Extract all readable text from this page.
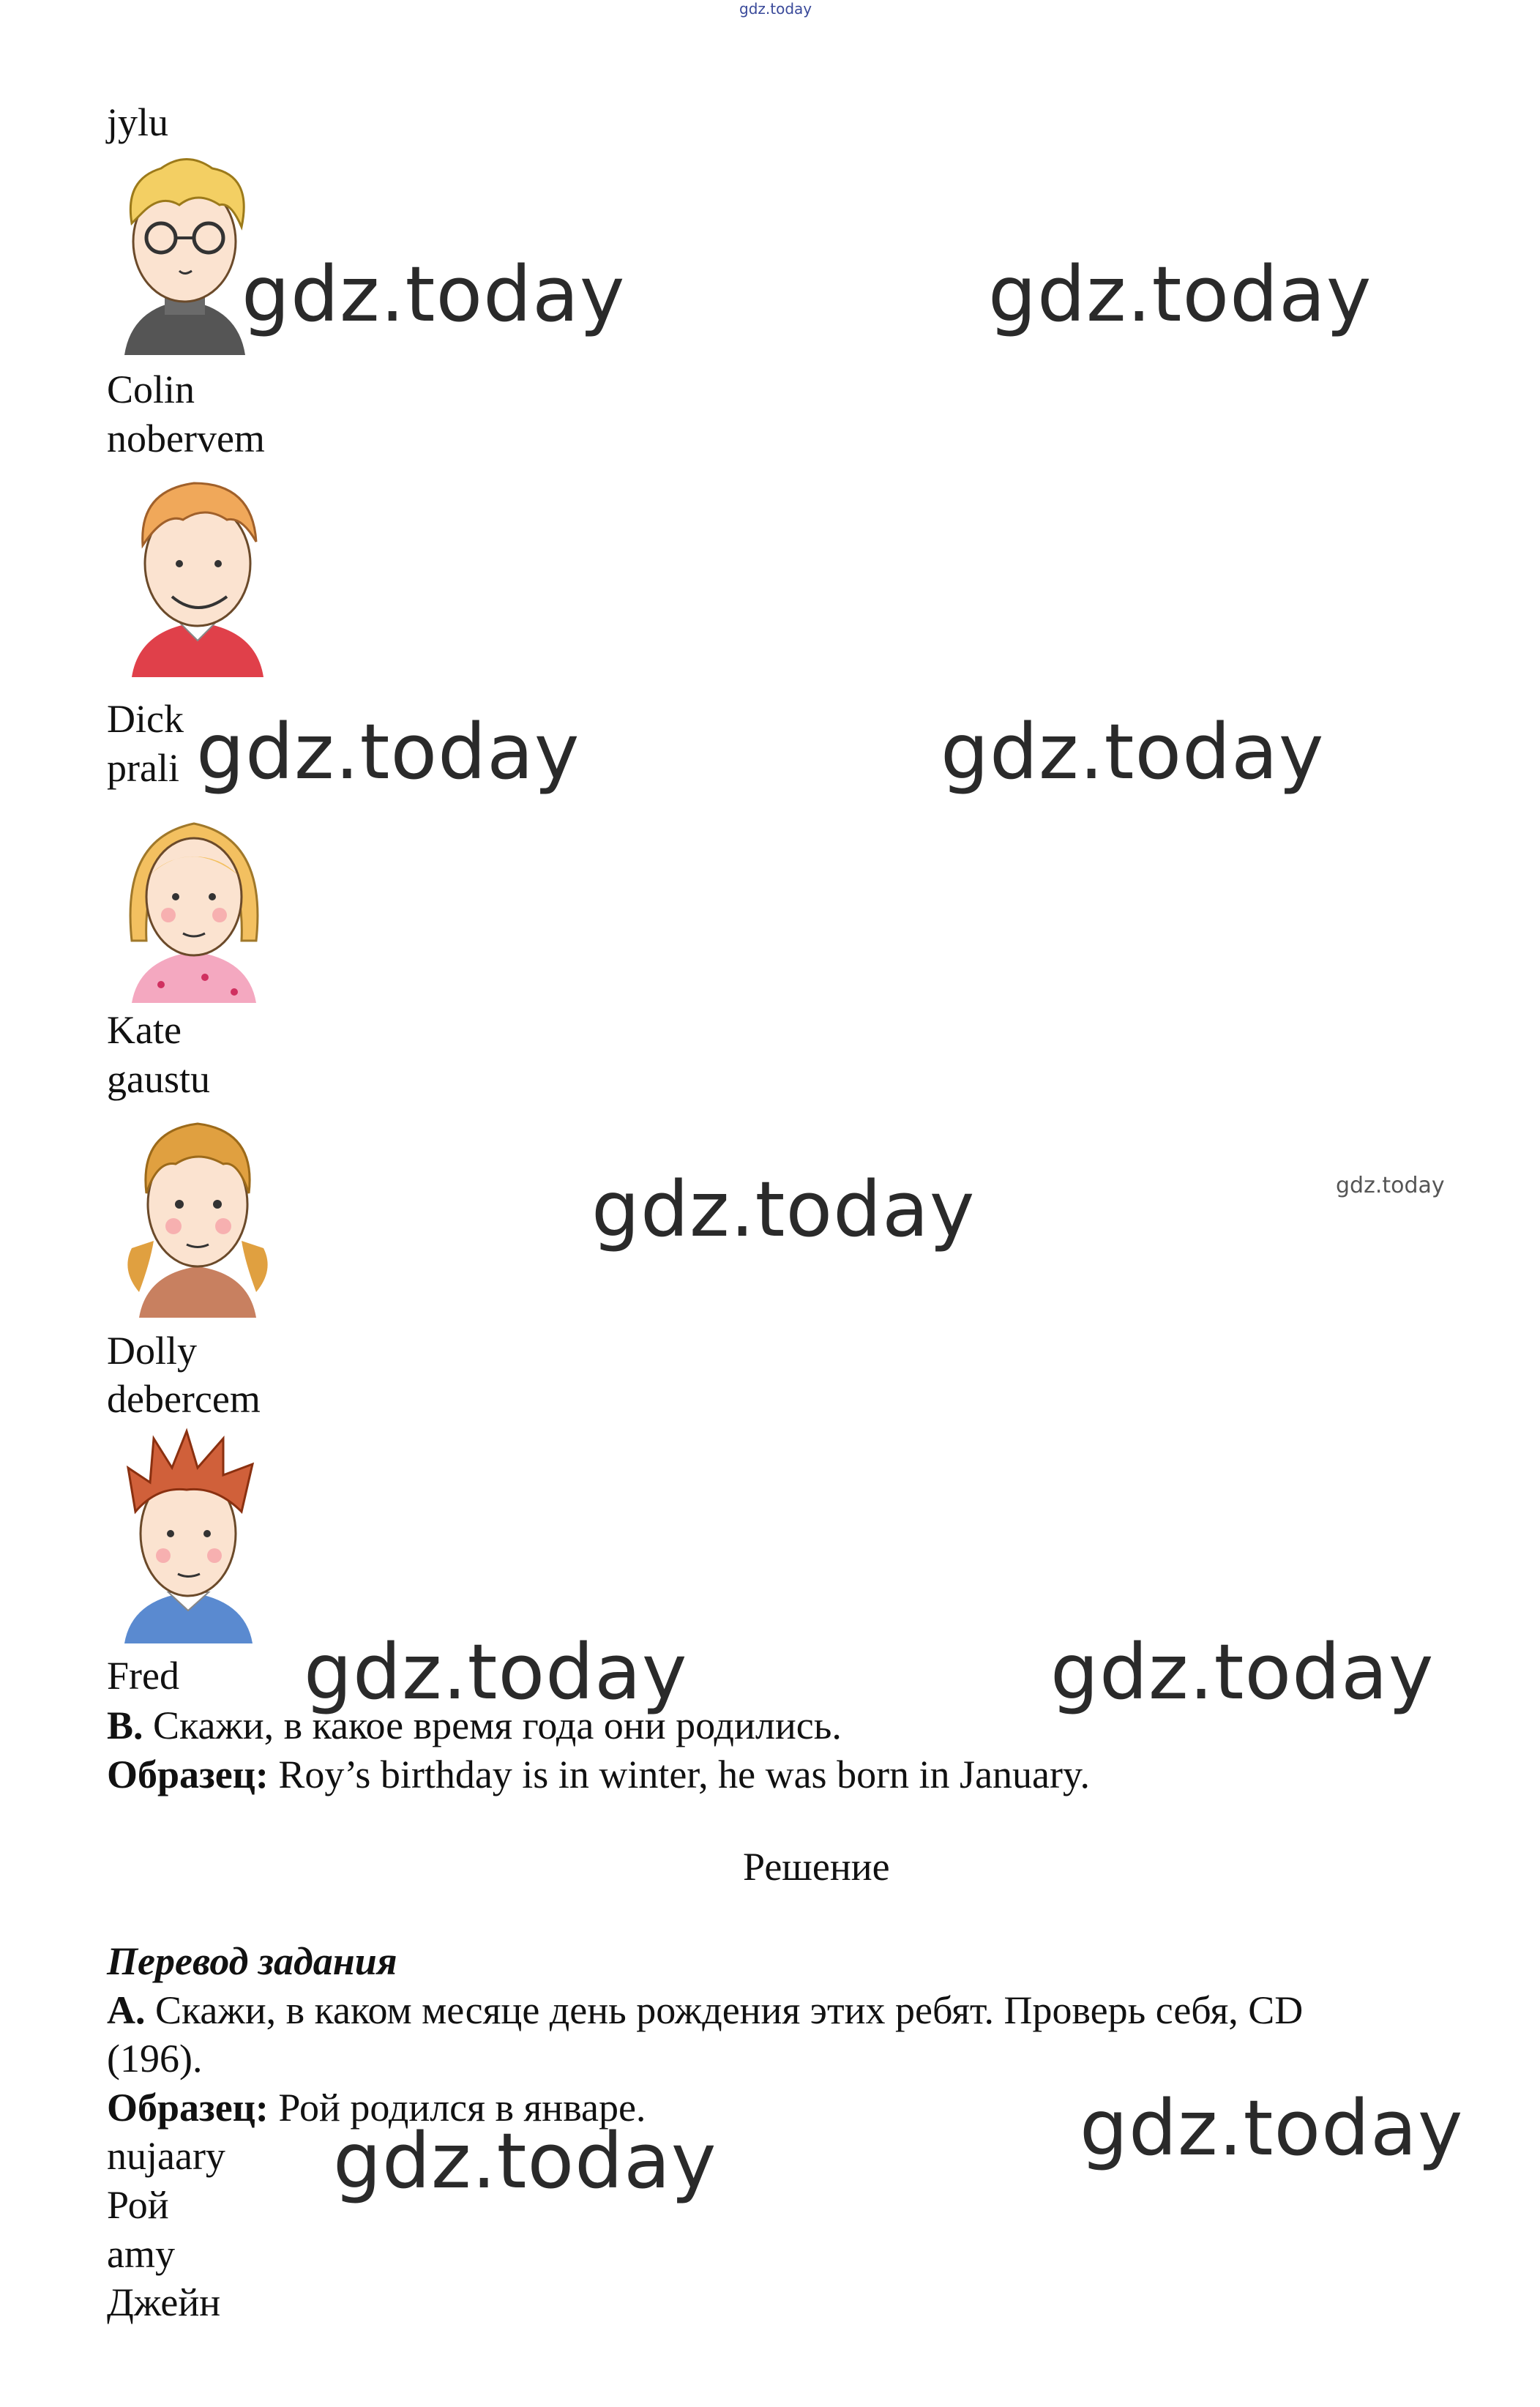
gdz.today
jylu
Colin
nobervem
Dick
prali
Kate
gaustu
Dolly
debercem
Fred
B. Скажи, в какое время года они родились.
Образец: Roy’s birthday is in winter, he was born in January.
Решение
Перевод задания
А. Скажи, в каком месяце день рождения этих ребят. Проверь себя, CD
(196).
Образец: Рой родился в январе.
nujaary
Рой
amy
Джейн
gdz.today	gdz.today
gdz.today	gdz.today
gdz.today	gdz.today
gdz.today	gdz.today
gdz.today
gdz.today
